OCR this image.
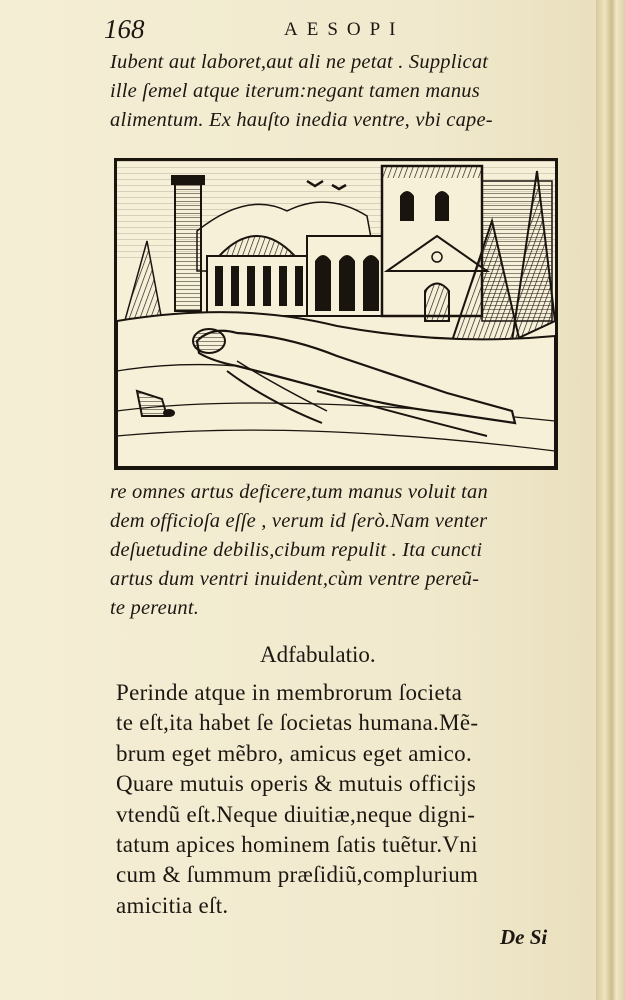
168	AESOPI
Iubent aut laboret,aut ali ne petat . Supplicat
ille ſemel atque iterum:negant tamen manus
alimentum. Ex hauſto inedia ventre, vbi cape-
re omnes artus deficere,tum manus voluit tan
dem officioſa eſſe , verum id ſerò.Nam venter
deſuetudine debilis,cibum repulit . Ita cuncti
artus dum ventri inuident,cùm ventre pereũ-
te pereunt.
Adfabulatio.
Perinde atque in membrorum ſocieta
te eſt,ita habet ſe ſocietas humana.Mẽ-
brum eget mẽbro, amicus eget amico.
Quare mutuis operis & mutuis officijs
vtendũ eſt.Neque diuitiæ,neque digni-
tatum apices hominem ſatis tuẽtur.Vni
cum & ſummum præſidiũ,complurium
amicitia eſt.
De Si
